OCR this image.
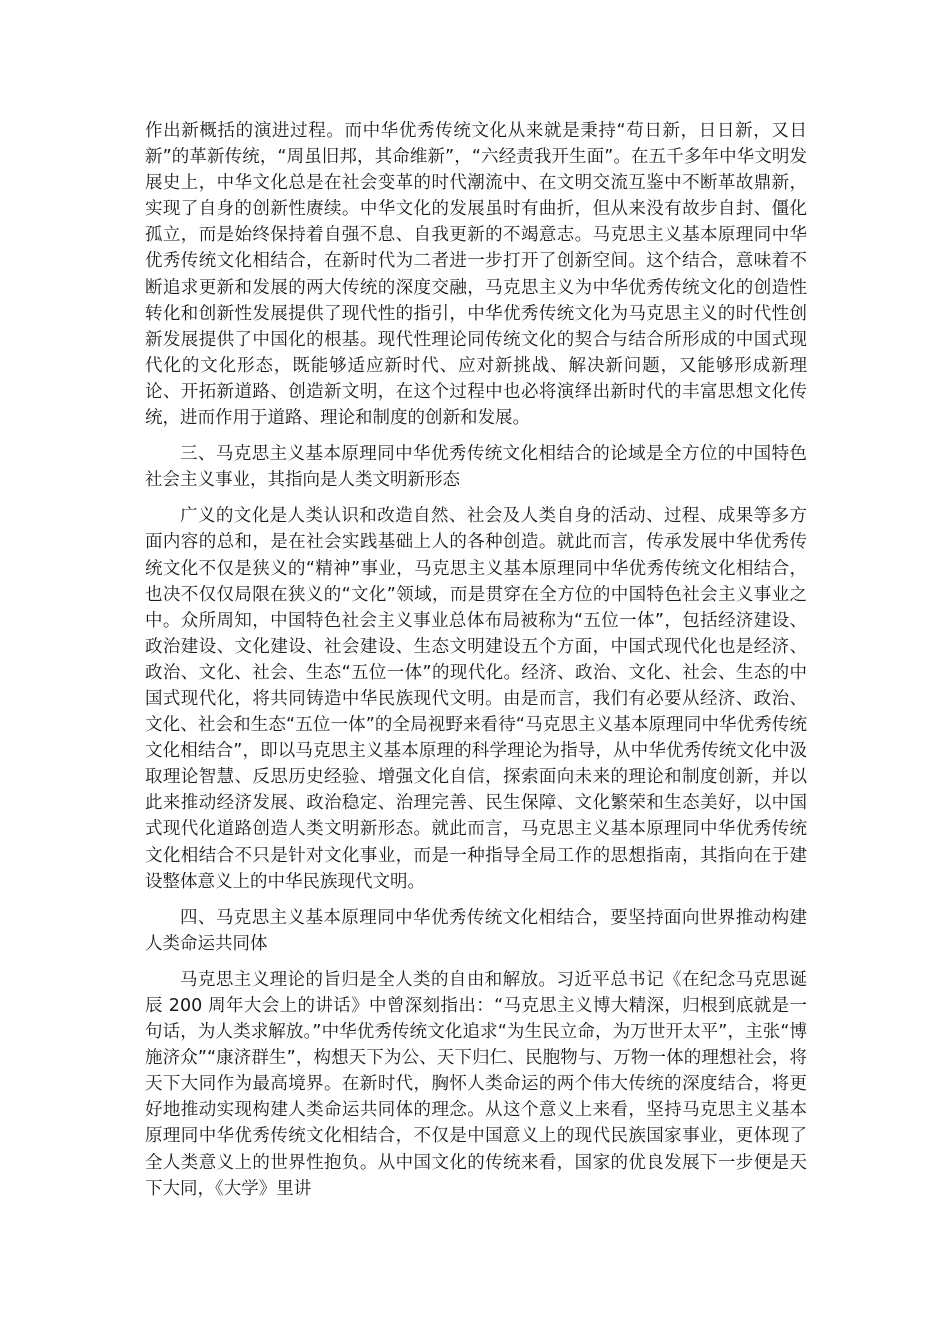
作出新概括的演进过程。而中华优秀传统文化从来就是秉持“苟日新，日日新，又日新”的革新传统，“周虽旧邦，其命维新”，“六经责我开生面”。在五千多年中华文明发展史上，中华文化总是在社会变革的时代潮流中、在文明交流互鉴中不断革故鼎新，实现了自身的创新性赓续。中华文化的发展虽时有曲折，但从来没有故步自封、僵化孤立，而是始终保持着自强不息、自我更新的不竭意志。马克思主义基本原理同中华优秀传统文化相结合，在新时代为二者进一步打开了创新空间。这个结合，意味着不断追求更新和发展的两大传统的深度交融，马克思主义为中华优秀传统文化的创造性转化和创新性发展提供了现代性的指引，中华优秀传统文化为马克思主义的时代性创新发展提供了中国化的根基。现代性理论同传统文化的契合与结合所形成的中国式现代化的文化形态，既能够适应新时代、应对新挑战、解决新问题，又能够形成新理论、开拓新道路、创造新文明，在这个过程中也必将演绎出新时代的丰富思想文化传统，进而作用于道路、理论和制度的创新和发展。

三、马克思主义基本原理同中华优秀传统文化相结合的论域是全方位的中国特色社会主义事业，其指向是人类文明新形态

广义的文化是人类认识和改造自然、社会及人类自身的活动、过程、成果等多方面内容的总和，是在社会实践基础上人的各种创造。就此而言，传承发展中华优秀传统文化不仅是狭义的“精神”事业，马克思主义基本原理同中华优秀传统文化相结合，也决不仅仅局限在狭义的“文化”领域，而是贯穿在全方位的中国特色社会主义事业之中。众所周知，中国特色社会主义事业总体布局被称为“五位一体”，包括经济建设、政治建设、文化建设、社会建设、生态文明建设五个方面，中国式现代化也是经济、政治、文化、社会、生态“五位一体”的现代化。经济、政治、文化、社会、生态的中国式现代化，将共同铸造中华民族现代文明。由是而言，我们有必要从经济、政治、文化、社会和生态“五位一体”的全局视野来看待“马克思主义基本原理同中华优秀传统文化相结合”，即以马克思主义基本原理的科学理论为指导，从中华优秀传统文化中汲取理论智慧、反思历史经验、增强文化自信，探索面向未来的理论和制度创新，并以此来推动经济发展、政治稳定、治理完善、民生保障、文化繁荣和生态美好，以中国式现代化道路创造人类文明新形态。就此而言，马克思主义基本原理同中华优秀传统文化相结合不只是针对文化事业，而是一种指导全局工作的思想指南，其指向在于建设整体意义上的中华民族现代文明。

四、马克思主义基本原理同中华优秀传统文化相结合，要坚持面向世界推动构建人类命运共同体

马克思主义理论的旨归是全人类的自由和解放。习近平总书记《在纪念马克思诞辰 200 周年大会上的讲话》中曾深刻指出：“马克思主义博大精深，归根到底就是一句话，为人类求解放。”中华优秀传统文化追求“为生民立命，为万世开太平”，主张“博施济众”“康济群生”，构想天下为公、天下归仁、民胞物与、万物一体的理想社会，将天下大同作为最高境界。在新时代，胸怀人类命运的两个伟大传统的深度结合，将更好地推动实现构建人类命运共同体的理念。从这个意义上来看，坚持马克思主义基本原理同中华优秀传统文化相结合，不仅是中国意义上的现代民族国家事业，更体现了全人类意义上的世界性抱负。从中国文化的传统来看，国家的优良发展下一步便是天下大同，《大学》里讲
